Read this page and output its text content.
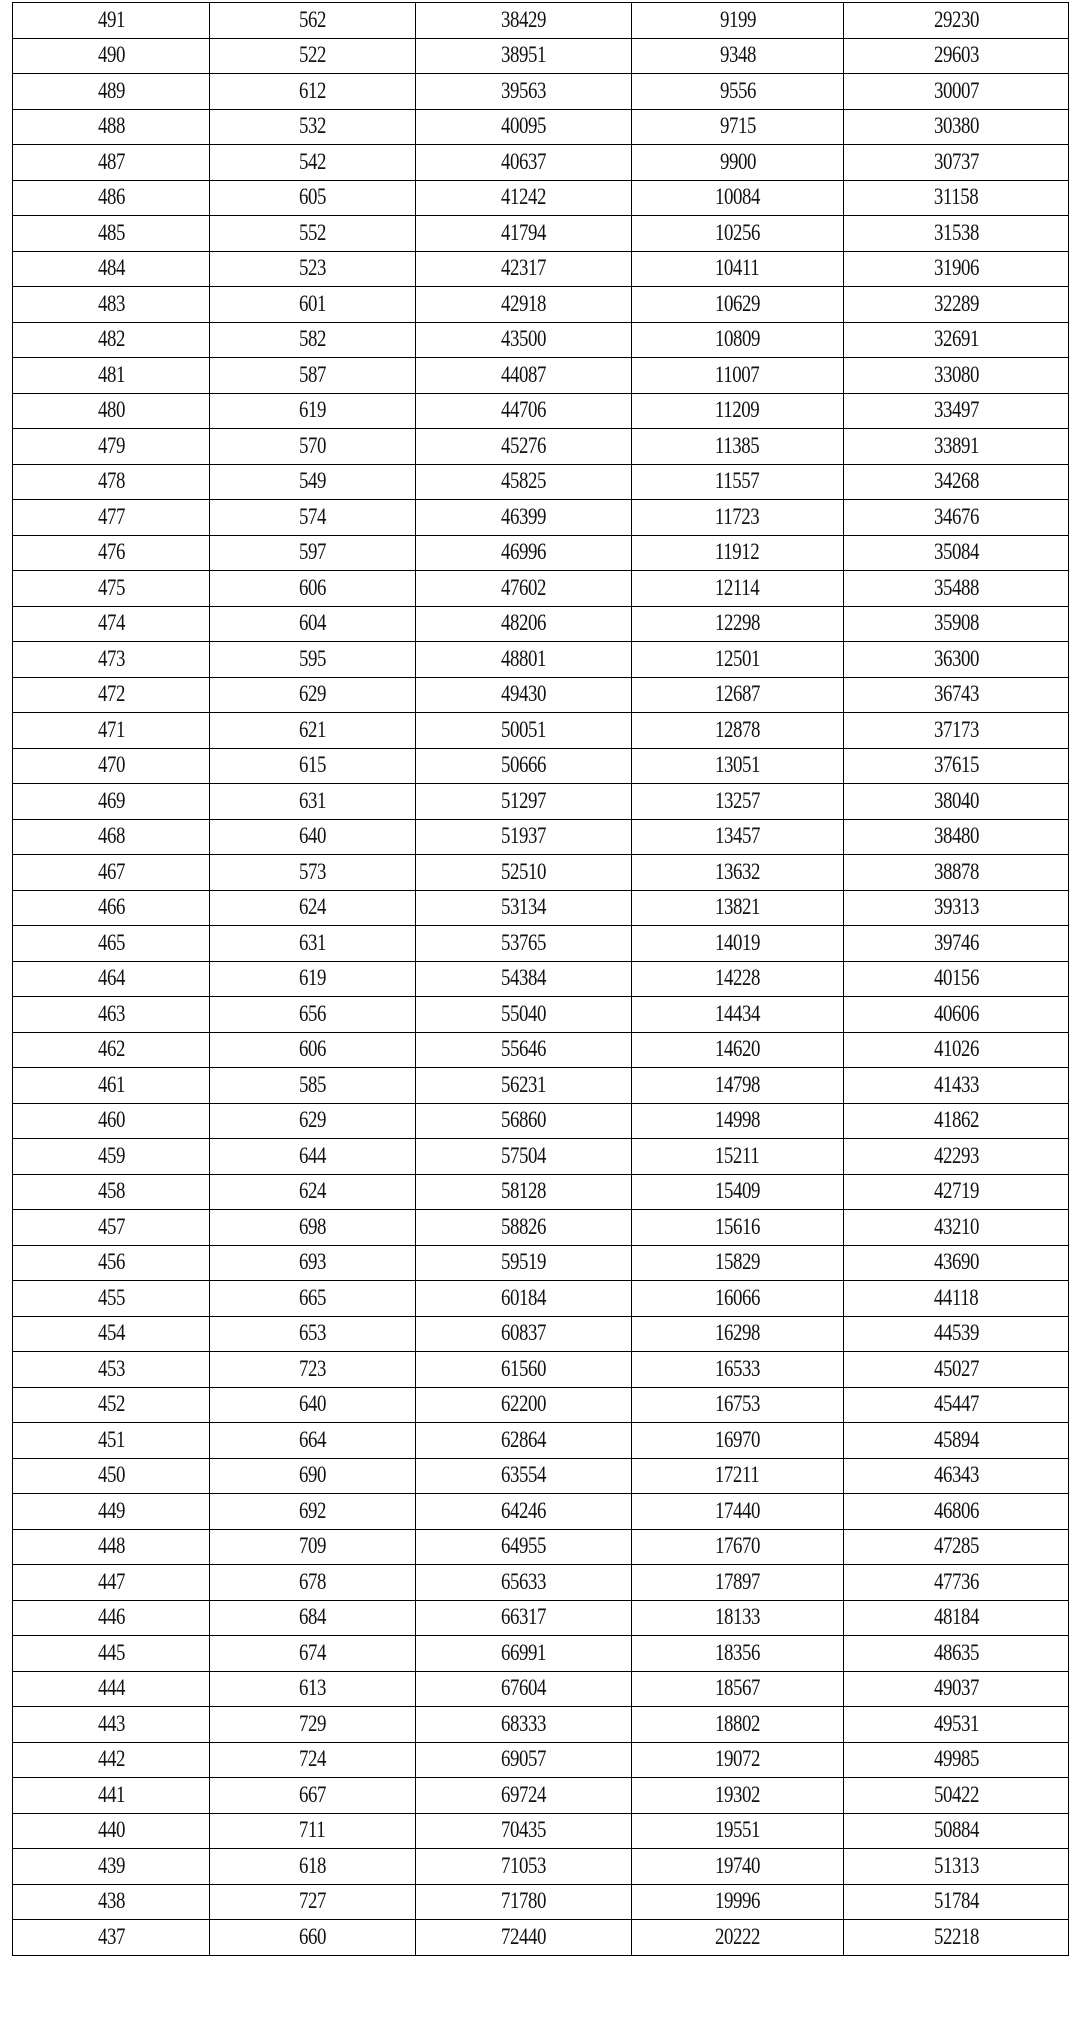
491	562	38429	9199	29230
490	522	38951	9348	29603
489	612	39563	9556	30007
488	532	40095	9715	30380
487	542	40637	9900	30737
486	605	41242	10084	31158
485	552	41794	10256	31538
484	523	42317	10411	31906
483	601	42918	10629	32289
482	582	43500	10809	32691
481	587	44087	11007	33080
480	619	44706	11209	33497
479	570	45276	11385	33891
478	549	45825	11557	34268
477	574	46399	11723	34676
476	597	46996	11912	35084
475	606	47602	12114	35488
474	604	48206	12298	35908
473	595	48801	12501	36300
472	629	49430	12687	36743
471	621	50051	12878	37173
470	615	50666	13051	37615
469	631	51297	13257	38040
468	640	51937	13457	38480
467	573	52510	13632	38878
466	624	53134	13821	39313
465	631	53765	14019	39746
464	619	54384	14228	40156
463	656	55040	14434	40606
462	606	55646	14620	41026
461	585	56231	14798	41433
460	629	56860	14998	41862
459	644	57504	15211	42293
458	624	58128	15409	42719
457	698	58826	15616	43210
456	693	59519	15829	43690
455	665	60184	16066	44118
454	653	60837	16298	44539
453	723	61560	16533	45027
452	640	62200	16753	45447
451	664	62864	16970	45894
450	690	63554	17211	46343
449	692	64246	17440	46806
448	709	64955	17670	47285
447	678	65633	17897	47736
446	684	66317	18133	48184
445	674	66991	18356	48635
444	613	67604	18567	49037
443	729	68333	18802	49531
442	724	69057	19072	49985
441	667	69724	19302	50422
440	711	70435	19551	50884
439	618	71053	19740	51313
438	727	71780	19996	51784
437	660	72440	20222	52218
